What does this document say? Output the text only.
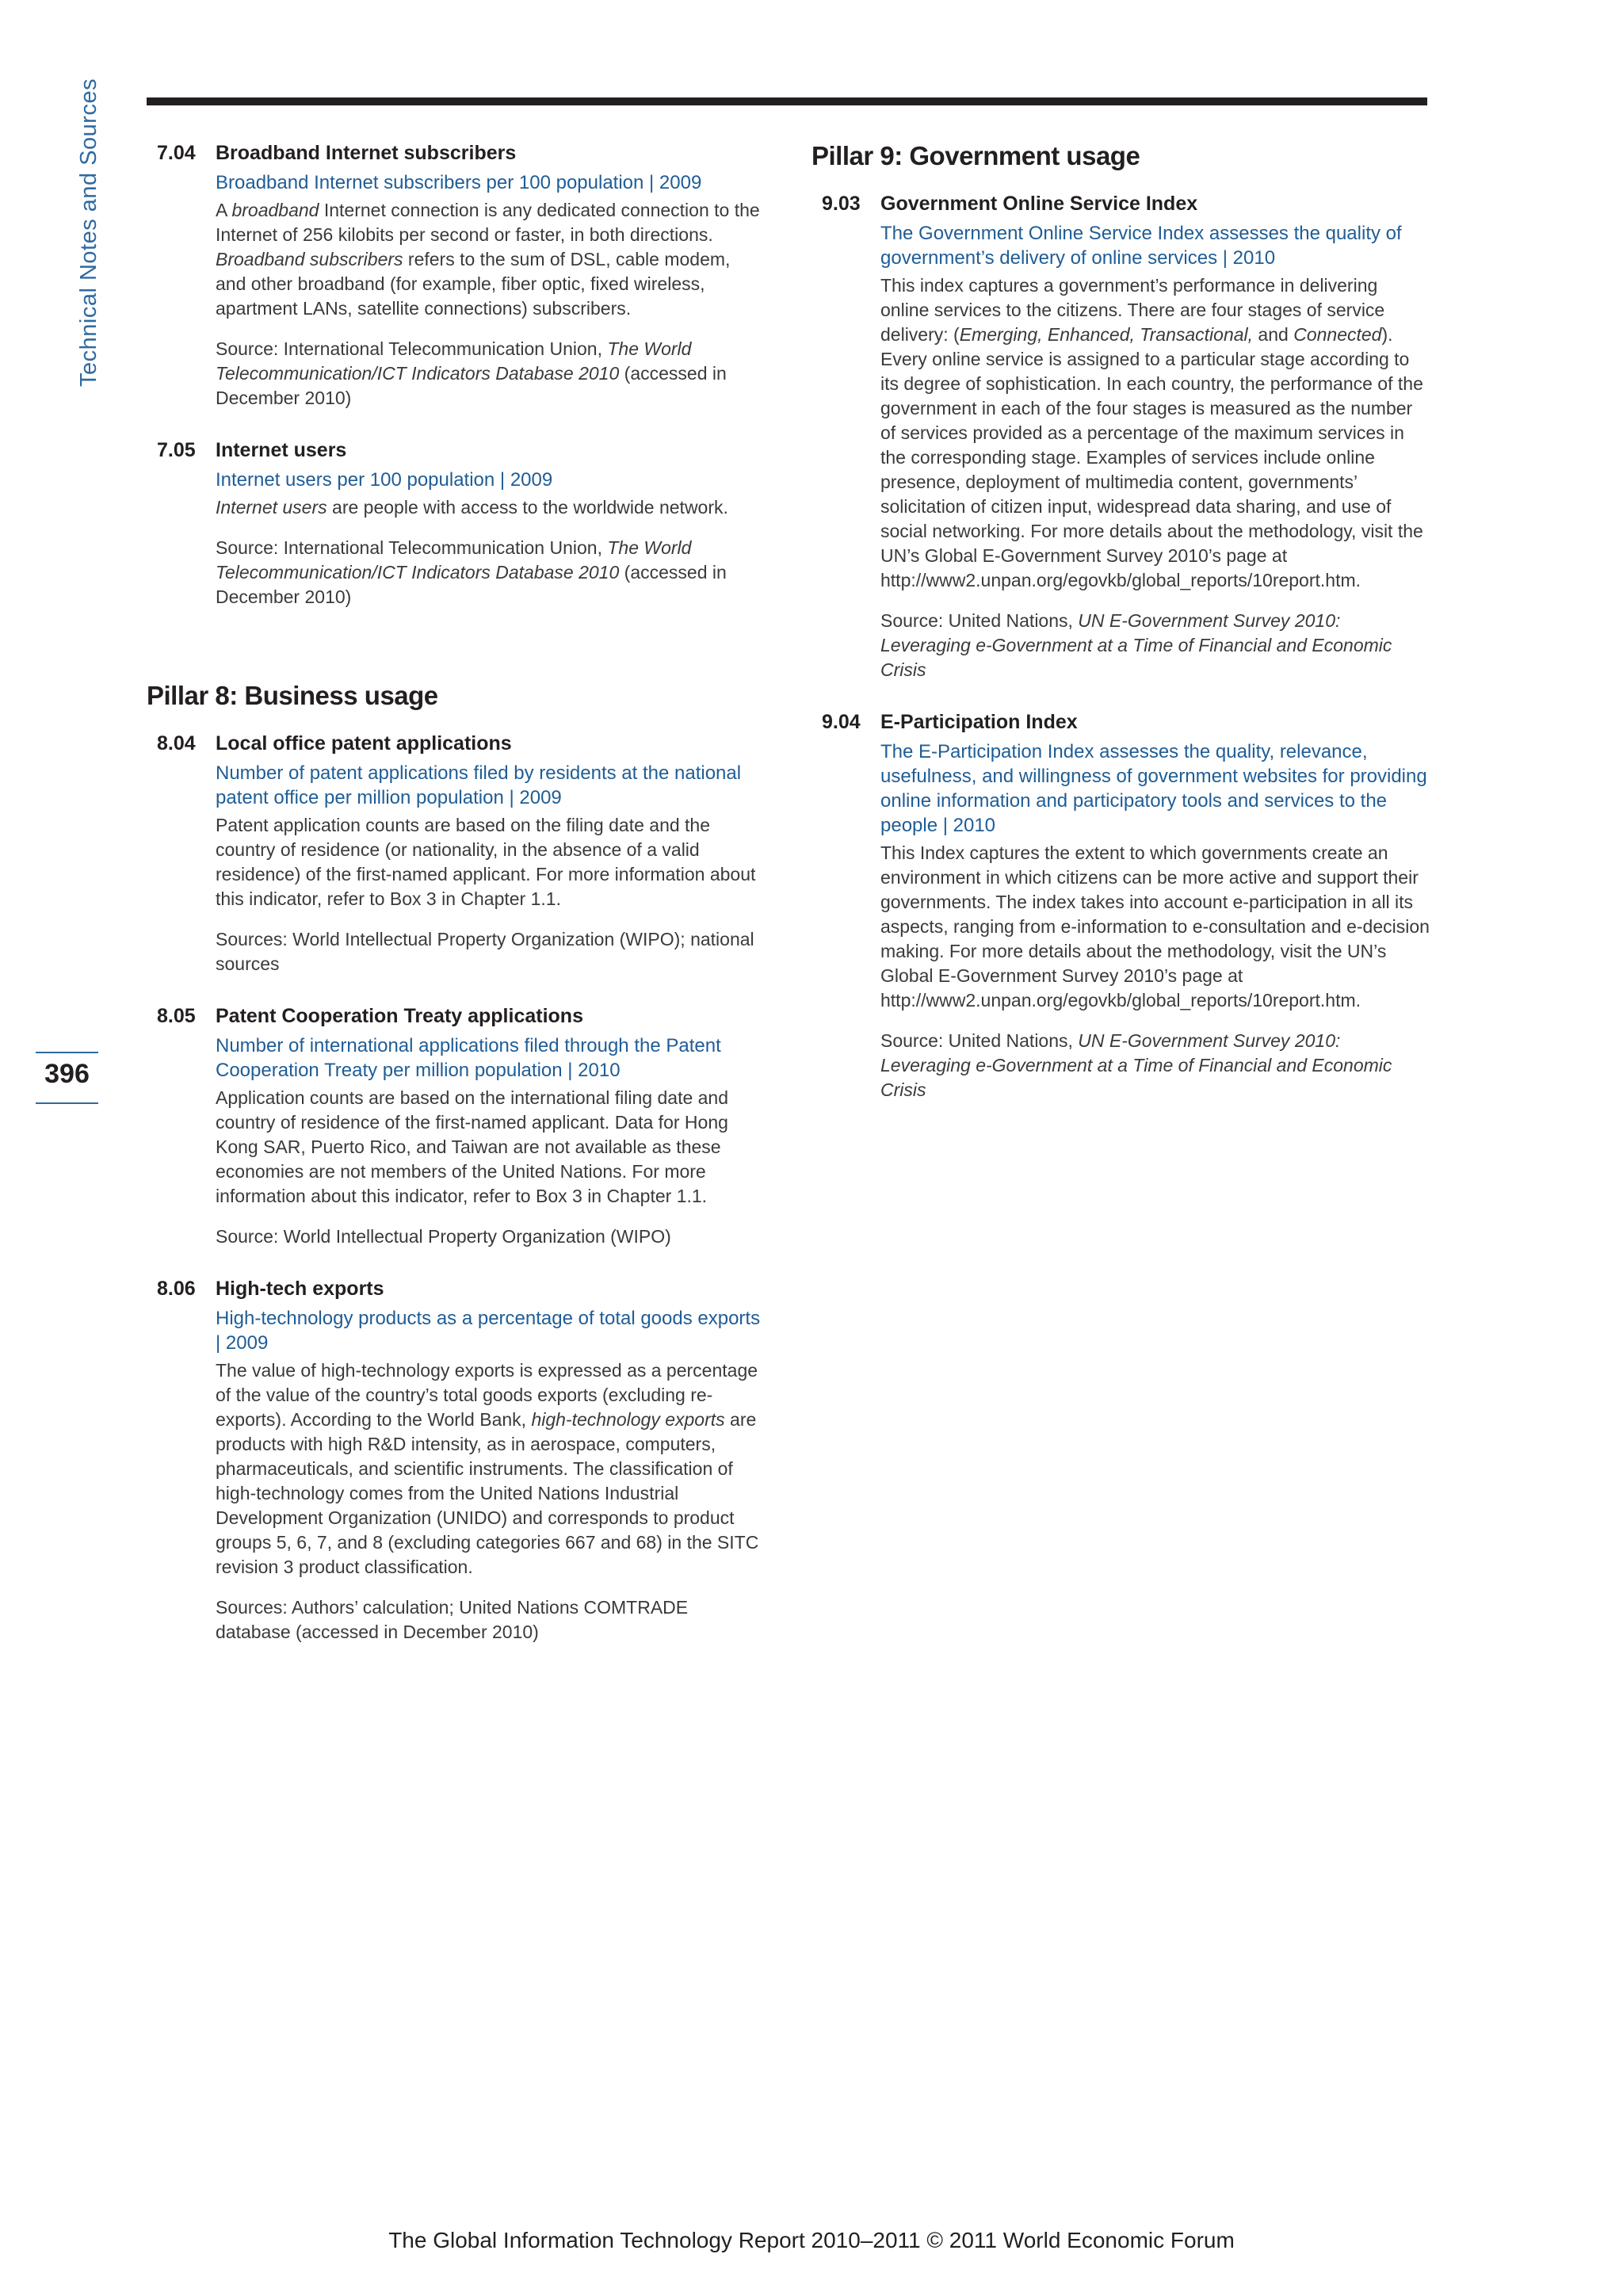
Technical Notes and Sources
396
7.04 Broadband Internet subscribers
Broadband Internet subscribers per 100 population | 2009
A broadband Internet connection is any dedicated connection to the Internet of 256 kilobits per second or faster, in both directions. Broadband subscribers refers to the sum of DSL, cable modem, and other broadband (for example, fiber optic, fixed wireless, apartment LANs, satellite connections) subscribers.
Source: International Telecommunication Union, The World Telecommunication/ICT Indicators Database 2010 (accessed in December 2010)
7.05 Internet users
Internet users per 100 population | 2009
Internet users are people with access to the worldwide network.
Source: International Telecommunication Union, The World Telecommunication/ICT Indicators Database 2010 (accessed in December 2010)
Pillar 8: Business usage
8.04 Local office patent applications
Number of patent applications filed by residents at the national patent office per million population | 2009
Patent application counts are based on the filing date and the country of residence (or nationality, in the absence of a valid residence) of the first-named applicant. For more information about this indicator, refer to Box 3 in Chapter 1.1.
Sources: World Intellectual Property Organization (WIPO); national sources
8.05 Patent Cooperation Treaty applications
Number of international applications filed through the Patent Cooperation Treaty per million population | 2010
Application counts are based on the international filing date and country of residence of the first-named applicant. Data for Hong Kong SAR, Puerto Rico, and Taiwan are not available as these economies are not members of the United Nations. For more information about this indicator, refer to Box 3 in Chapter 1.1.
Source: World Intellectual Property Organization (WIPO)
8.06 High-tech exports
High-technology products as a percentage of total goods exports | 2009
The value of high-technology exports is expressed as a percentage of the value of the country’s total goods exports (excluding re-exports). According to the World Bank, high-technology exports are products with high R&D intensity, as in aerospace, computers, pharmaceuticals, and scientific instruments. The classification of high-technology comes from the United Nations Industrial Development Organization (UNIDO) and corresponds to product groups 5, 6, 7, and 8 (excluding categories 667 and 68) in the SITC revision 3 product classification.
Sources: Authors’ calculation; United Nations COMTRADE database (accessed in December 2010)
Pillar 9: Government usage
9.03 Government Online Service Index
The Government Online Service Index assesses the quality of government’s delivery of online services | 2010
This index captures a government’s performance in delivering online services to the citizens. There are four stages of service delivery: (Emerging, Enhanced, Transactional, and Connected). Every online service is assigned to a particular stage according to its degree of sophistication. In each country, the performance of the government in each of the four stages is measured as the number of services provided as a percentage of the maximum services in the corresponding stage. Examples of services include online presence, deployment of multimedia content, governments’ solicitation of citizen input, widespread data sharing, and use of social networking. For more details about the methodology, visit the UN’s Global E-Government Survey 2010’s page at http://www2.unpan.org/egovkb/global_reports/10report.htm.
Source: United Nations, UN E-Government Survey 2010: Leveraging e-Government at a Time of Financial and Economic Crisis
9.04 E-Participation Index
The E-Participation Index assesses the quality, relevance, usefulness, and willingness of government websites for providing online information and participatory tools and services to the people | 2010
This Index captures the extent to which governments create an environment in which citizens can be more active and support their governments. The index takes into account e-participation in all its aspects, ranging from e-information to e-consultation and e-decision making. For more details about the methodology, visit the UN’s Global E-Government Survey 2010’s page at http://www2.unpan.org/egovkb/global_reports/10report.htm.
Source: United Nations, UN E-Government Survey 2010: Leveraging e-Government at a Time of Financial and Economic Crisis
The Global Information Technology Report 2010–2011 © 2011 World Economic Forum
